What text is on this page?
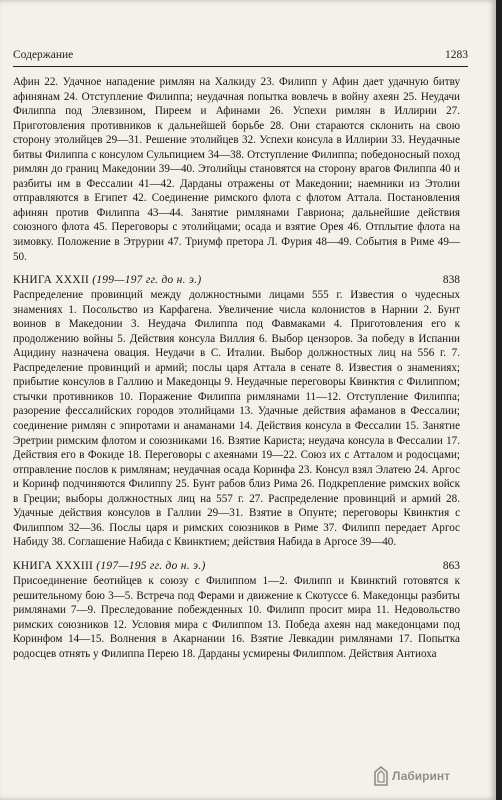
Содержание	1283

Афин 22. Удачное нападение римлян на Халкиду 23. Филипп у Афин дает удачную битву афинянам 24. Отступление Филиппа; неудачная попытка вовлечь в войну ахеян 25. Неудачи Филиппа под Элевзином, Пиреем и Афинами 26. Успехи римлян в Иллирии 27. Приготовления противников к дальнейшей борьбе 28. Они стараются склонить на свою сторону этолийцев 29—31. Решение этолийцев 32. Успехи консула в Иллирии 33. Неудачные битвы Филиппа с консулом Сульпицием 34—38. Отступление Филиппа; победоносный поход римлян до границ Македонии 39—40. Этолийцы становятся на сторону врагов Филиппа 40 и разбиты им в Фессалии 41—42. Дарданы отражены от Македонии; наемники из Этолии отправляются в Египет 42. Соединение римского флота с флотом Аттала. Постановления афинян против Филиппа 43—44. Занятие римлянами Гавриона; дальнейшие действия союзного флота 45. Переговоры с этолийцами; осада и взятие Орея 46. Отплытие флота на зимовку. Положение в Этрурии 47. Триумф претора Л. Фурия 48—49. События в Риме 49—50.

КНИГА XXXII (199—197 гг. до н. э.)	838

Распределение провинций между должностными лицами 555 г. Известия о чудесных знамениях 1. Посольство из Карфагена. Увеличение числа колонистов в Нарнии 2. Бунт воинов в Македонии 3. Неудача Филиппа под Фавмаками 4. Приготовления его к продолжению войны 5. Действия консула Виллия 6. Выбор цензоров. За победу в Испании Ацидину назначена овация. Неудачи в С. Италии. Выбор должностных лиц на 556 г. 7. Распределение провинций и армий; послы царя Аттала в сенате 8. Известия о знамениях; прибытие консулов в Галлию и Македонцы 9. Неудачные переговоры Квинктия с Филиппом; стычки противников 10. Поражение Филиппа римлянами 11—12. Отступление Филиппа; разорение фессалийских городов этолийцами 13. Удачные действия афаманов в Фессалии; соединение римлян с эпиротами и анаманами 14. Действия консула в Фессалии 15. Занятие Эретрии римским флотом и союзниками 16. Взятие Кариста; неудача консула в Фессалии 17. Действия его в Фокиде 18. Переговоры с ахеянами 19—22. Союз их с Атталом и родосцами; отправление послов к римлянам; неудачная осада Коринфа 23. Консул взял Элатею 24. Аргос и Коринф подчиняются Филиппу 25. Бунт рабов близ Рима 26. Подкрепление римских войск в Греции; выборы должностных лиц на 557 г. 27. Распределение провинций и армий 28. Удачные действия консулов в Галлии 29—31. Взятие в Опунте; переговоры Квинктия с Филиппом 32—36. Послы царя и римских союзников в Риме 37. Филипп передает Аргос Набиду 38. Соглашение Набида с Квинктием; действия Набида в Аргосе 39—40.

КНИГА XXXIII (197—195 гг. до н. э.)	863

Присоединение беотийцев к союзу с Филиппом 1—2. Филипп и Квинктий готовятся к решительному бою 3—5. Встреча под Ферами и движение к Скотуссе 6. Македонцы разбиты римлянами 7—9. Преследование побежденных 10. Филипп просит мира 11. Недовольство римских союзников 12. Условия мира с Филиппом 13. Победа ахеян над македонцами под Коринфом 14—15. Волнения в Акарнании 16. Взятие Левкадии римлянами 17. Попытка родосцев отнять у Филиппа Перею 18. Дарданы усмирены Филиппом. Действия Антиоха

Лабиринт
